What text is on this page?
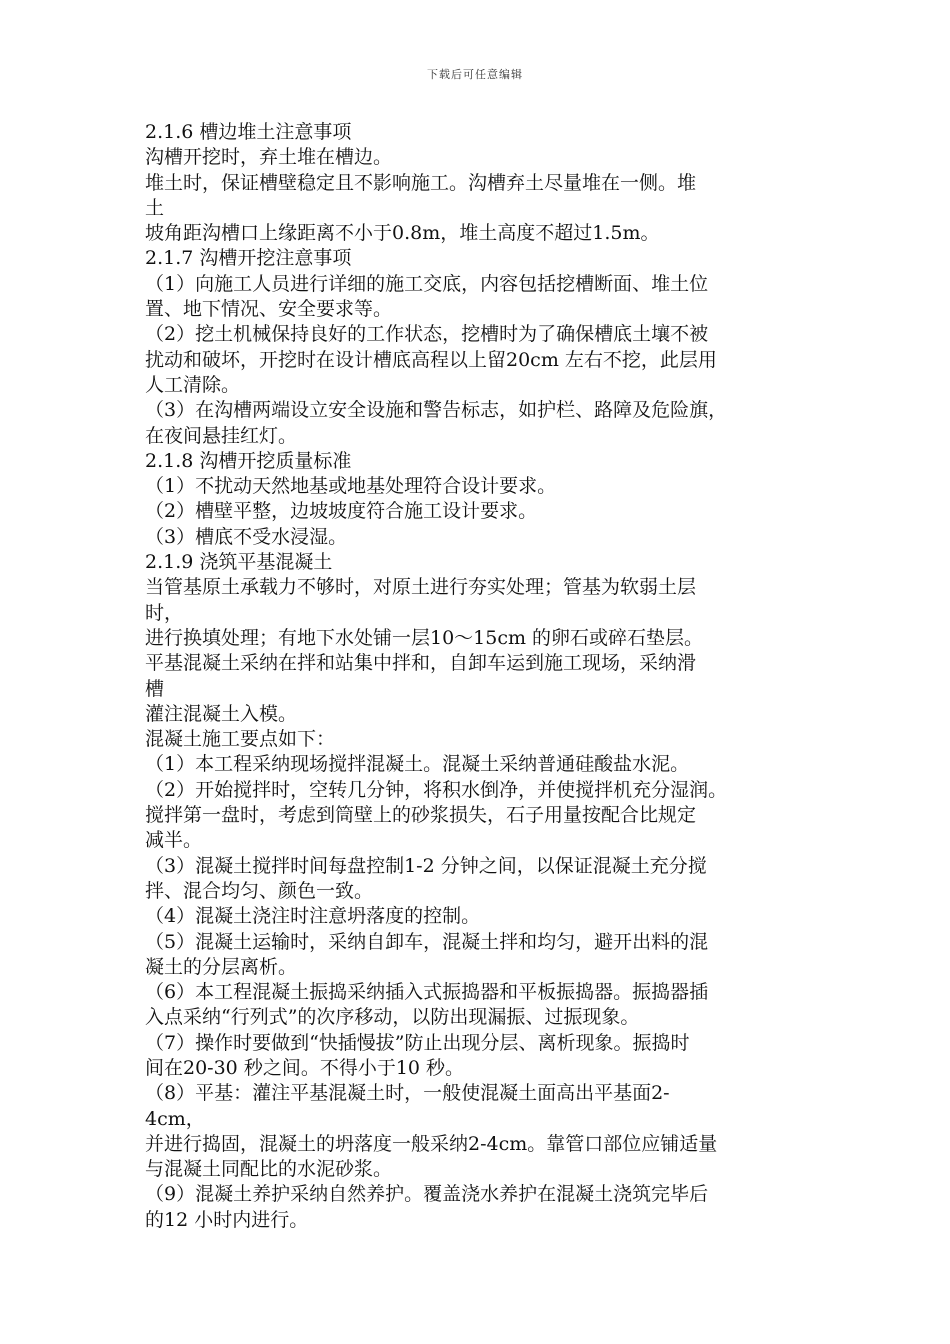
下载后可任意编辑
2.1.6 槽边堆土注意事项
沟槽开挖时，弃土堆在槽边。
堆土时，保证槽壁稳定且不影响施工。沟槽弃土尽量堆在一侧。堆
土
坡角距沟槽口上缘距离不小于0.8m，堆土高度不超过1.5m。
2.1.7 沟槽开挖注意事项
（1）向施工人员进行详细的施工交底，内容包括挖槽断面、堆土位
置、地下情况、安全要求等。
（2）挖土机械保持良好的工作状态，挖槽时为了确保槽底土壤不被
扰动和破坏，开挖时在设计槽底高程以上留20cm 左右不挖，此层用
人工清除。
（3）在沟槽两端设立安全设施和警告标志，如护栏、路障及危险旗，
在夜间悬挂红灯。
2.1.8 沟槽开挖质量标准
（1）不扰动天然地基或地基处理符合设计要求。
（2）槽壁平整，边坡坡度符合施工设计要求。
（3）槽底不受水浸湿。
2.1.9 浇筑平基混凝土
当管基原土承载力不够时，对原土进行夯实处理；管基为软弱土层
时，
进行换填处理；有地下水处铺一层10～15cm 的卵石或碎石垫层。
平基混凝土采纳在拌和站集中拌和，自卸车运到施工现场，采纳滑
槽
灌注混凝土入模。
混凝土施工要点如下：
（1）本工程采纳现场搅拌混凝土。混凝土采纳普通硅酸盐水泥。
（2）开始搅拌时，空转几分钟，将积水倒净，并使搅拌机充分湿润。
搅拌第一盘时，考虑到筒壁上的砂浆损失，石子用量按配合比规定
减半。
（3）混凝土搅拌时间每盘控制1-2 分钟之间，以保证混凝土充分搅
拌、混合均匀、颜色一致。
（4）混凝土浇注时注意坍落度的控制。
（5）混凝土运输时，采纳自卸车，混凝土拌和均匀，避开出料的混
凝土的分层离析。
（6）本工程混凝土振捣采纳插入式振捣器和平板振捣器。振捣器插
入点采纳“行列式”的次序移动，以防出现漏振、过振现象。
（7）操作时要做到“快插慢拔”防止出现分层、离析现象。振捣时
间在20-30 秒之间。不得小于10 秒。
（8）平基：灌注平基混凝土时，一般使混凝土面高出平基面2-
4cm，
并进行捣固，混凝土的坍落度一般采纳2-4cm。靠管口部位应铺适量
与混凝土同配比的水泥砂浆。
（9）混凝土养护采纳自然养护。覆盖浇水养护在混凝土浇筑完毕后
的12 小时内进行。
